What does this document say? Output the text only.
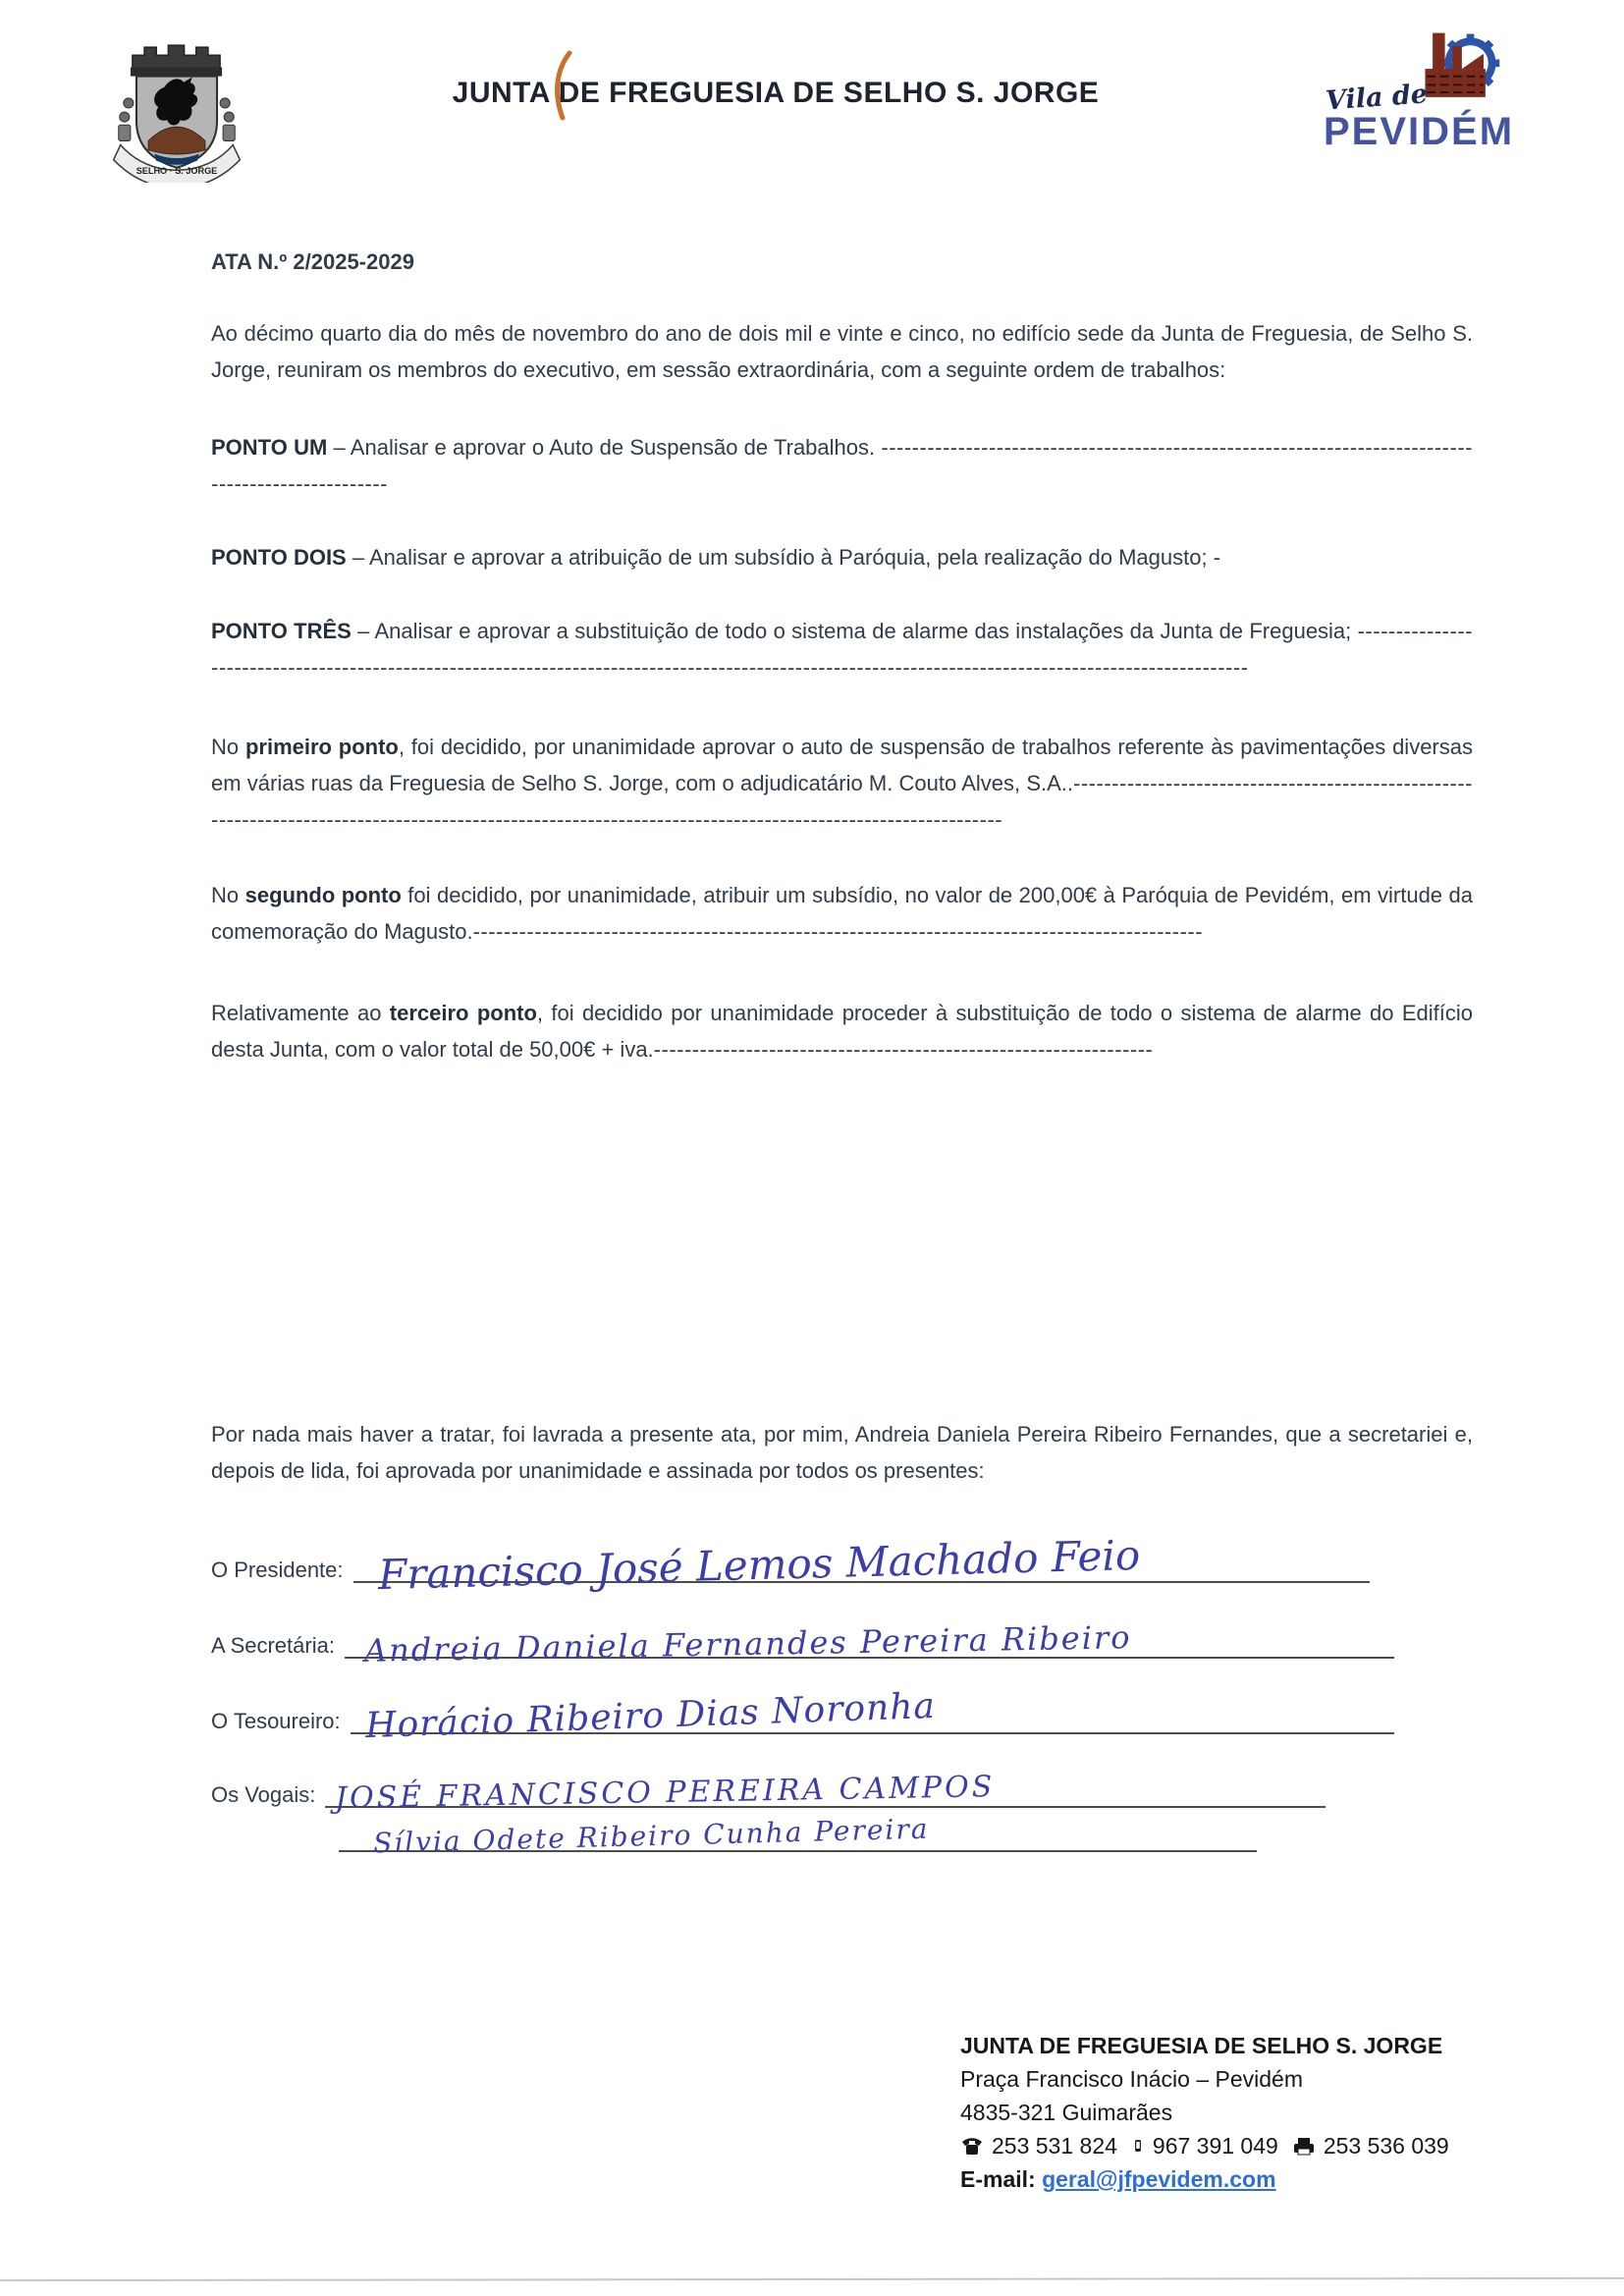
SELHO · S. JORGE
JUNTA DE FREGUESIA DE SELHO S. JORGE	Vila de
PEVIDÉM

ATA N.º 2/2025-2029

Ao décimo quarto dia do mês de novembro do ano de dois mil e vinte e cinco, no edifício sede da Junta de Freguesia, de Selho S. Jorge, reuniram os membros do executivo, em sessão extraordinária, com a seguinte ordem de trabalhos:

PONTO UM – Analisar e aprovar o Auto de Suspensão de Trabalhos. ----------------------------------------------------------------------------------------------------

PONTO DOIS – Analisar e aprovar a atribuição de um subsídio à Paróquia, pela realização do Magusto; -

PONTO TRÊS – Analisar e aprovar a substituição de todo o sistema de alarme das instalações da Junta de Freguesia; ------------------------------------------------------------------------------------------------------------------------------------------------------

No primeiro ponto, foi decidido, por unanimidade aprovar o auto de suspensão de trabalhos referente às pavimentações diversas em várias ruas da Freguesia de Selho S. Jorge, com o adjudicatário M. Couto Alves, S.A..-----------------------------------------------------------------------------------------------------------------------------------------------------------

No segundo ponto foi decidido, por unanimidade, atribuir um subsídio, no valor de 200,00€ à Paróquia de Pevidém, em virtude da comemoração do Magusto.-----------------------------------------------------------------------------------------------

Relativamente ao terceiro ponto, foi decidido por unanimidade proceder à substituição de todo o sistema de alarme do Edifício desta Junta, com o valor total de 50,00€ + iva.-----------------------------------------------------------------

Por nada mais haver a tratar, foi lavrada a presente ata, por mim, Andreia Daniela Pereira Ribeiro Fernandes, que a secretariei e, depois de lida, foi aprovada por unanimidade e assinada por todos os presentes:

O Presidente: Francisco José Lemos Machado Feio
A Secretária: Andreia Daniela Fernandes Pereira Ribeiro
O Tesoureiro: Horácio Ribeiro Dias Noronha
Os Vogais: JOSÉ FRANCISCO PEREIRA CAMPOS
Sílvia Odete Ribeiro Cunha Pereira
JUNTA DE FREGUESIA DE SELHO S. JORGE
Praça Francisco Inácio – Pevidém
4835-321 Guimarães
253 531 824 967 391 049 253 536 039
E-mail: geral@jfpevidem.com
